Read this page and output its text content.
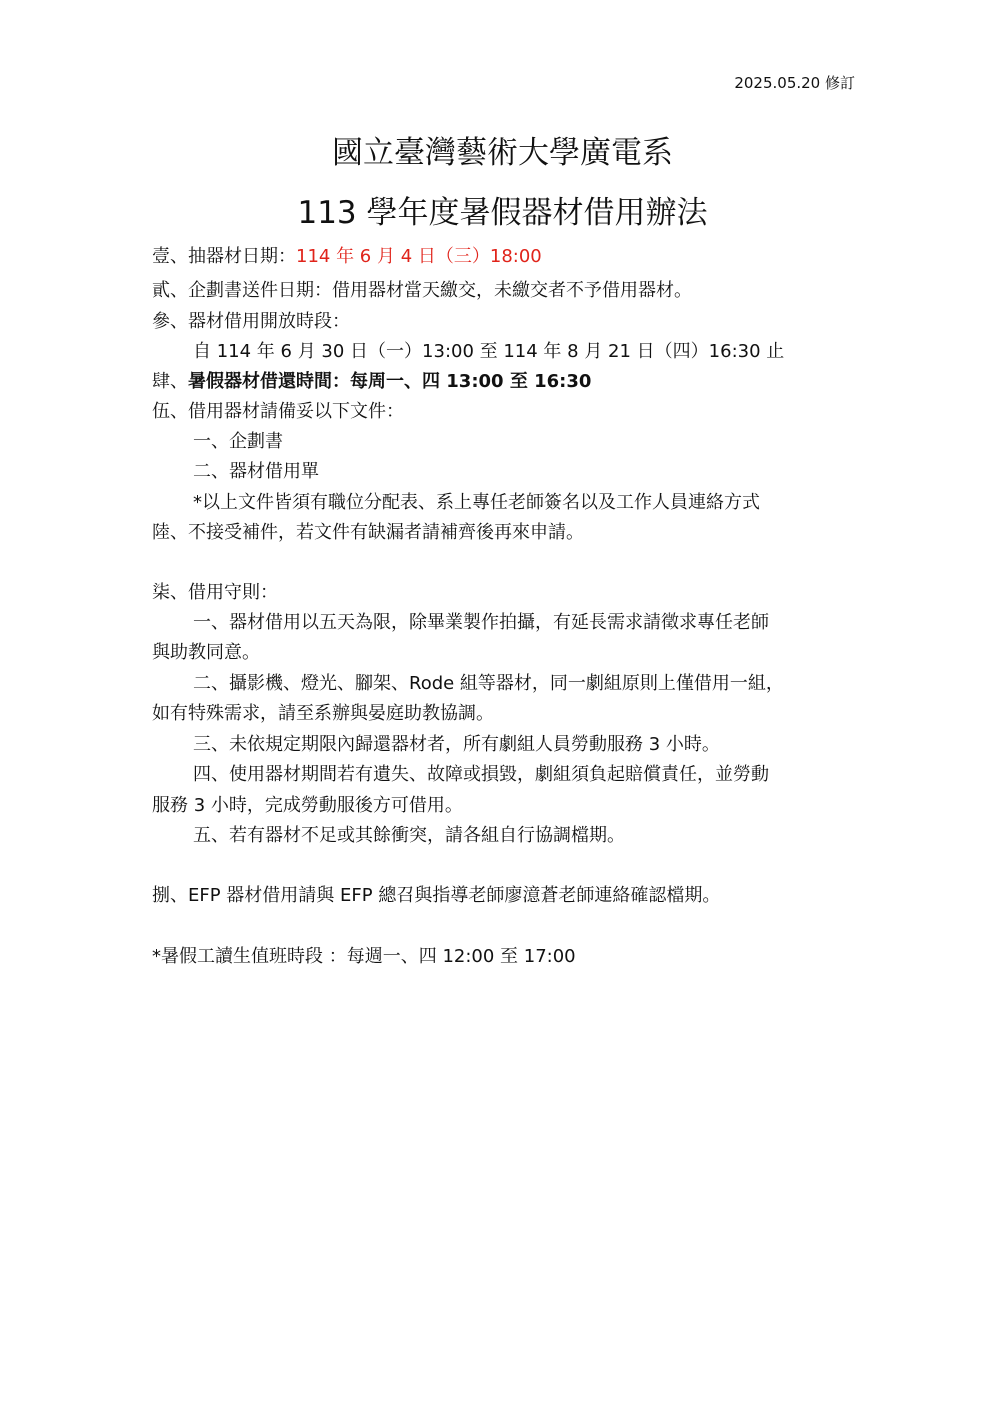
2025.05.20 修訂
國立臺灣藝術大學廣電系
113 學年度暑假器材借用辦法
壹、抽器材日期：114 年 6 月 4 日（三）18:00
貳、企劃書送件日期：借用器材當天繳交，未繳交者不予借用器材。
參、器材借用開放時段：
自 114 年 6 月 30 日（一）13:00 至 114 年 8 月 21 日（四）16:30 止
肆、暑假器材借還時間：每周一、四 13:00 至 16:30
伍、借用器材請備妥以下文件：
一、企劃書
二、器材借用單
*以上文件皆須有職位分配表、系上專任老師簽名以及工作人員連絡方式
陸、不接受補件，若文件有缺漏者請補齊後再來申請。
柒、借用守則：
一、器材借用以五天為限，除畢業製作拍攝，有延長需求請徵求專任老師
與助教同意。
二、攝影機、燈光、腳架、Rode 組等器材，同一劇組原則上僅借用一組，
如有特殊需求，請至系辦與晏庭助教協調。
三、未依規定期限內歸還器材者，所有劇組人員勞動服務 3 小時。
四、使用器材期間若有遺失、故障或損毀，劇組須負起賠償責任，並勞動
服務 3 小時，完成勞動服後方可借用。
五、若有器材不足或其餘衝突，請各組自行協調檔期。
捌、EFP 器材借用請與 EFP 總召與指導老師廖澺蒼老師連絡確認檔期。
*暑假工讀生值班時段 ：每週一、四 12:00 至 17:00
